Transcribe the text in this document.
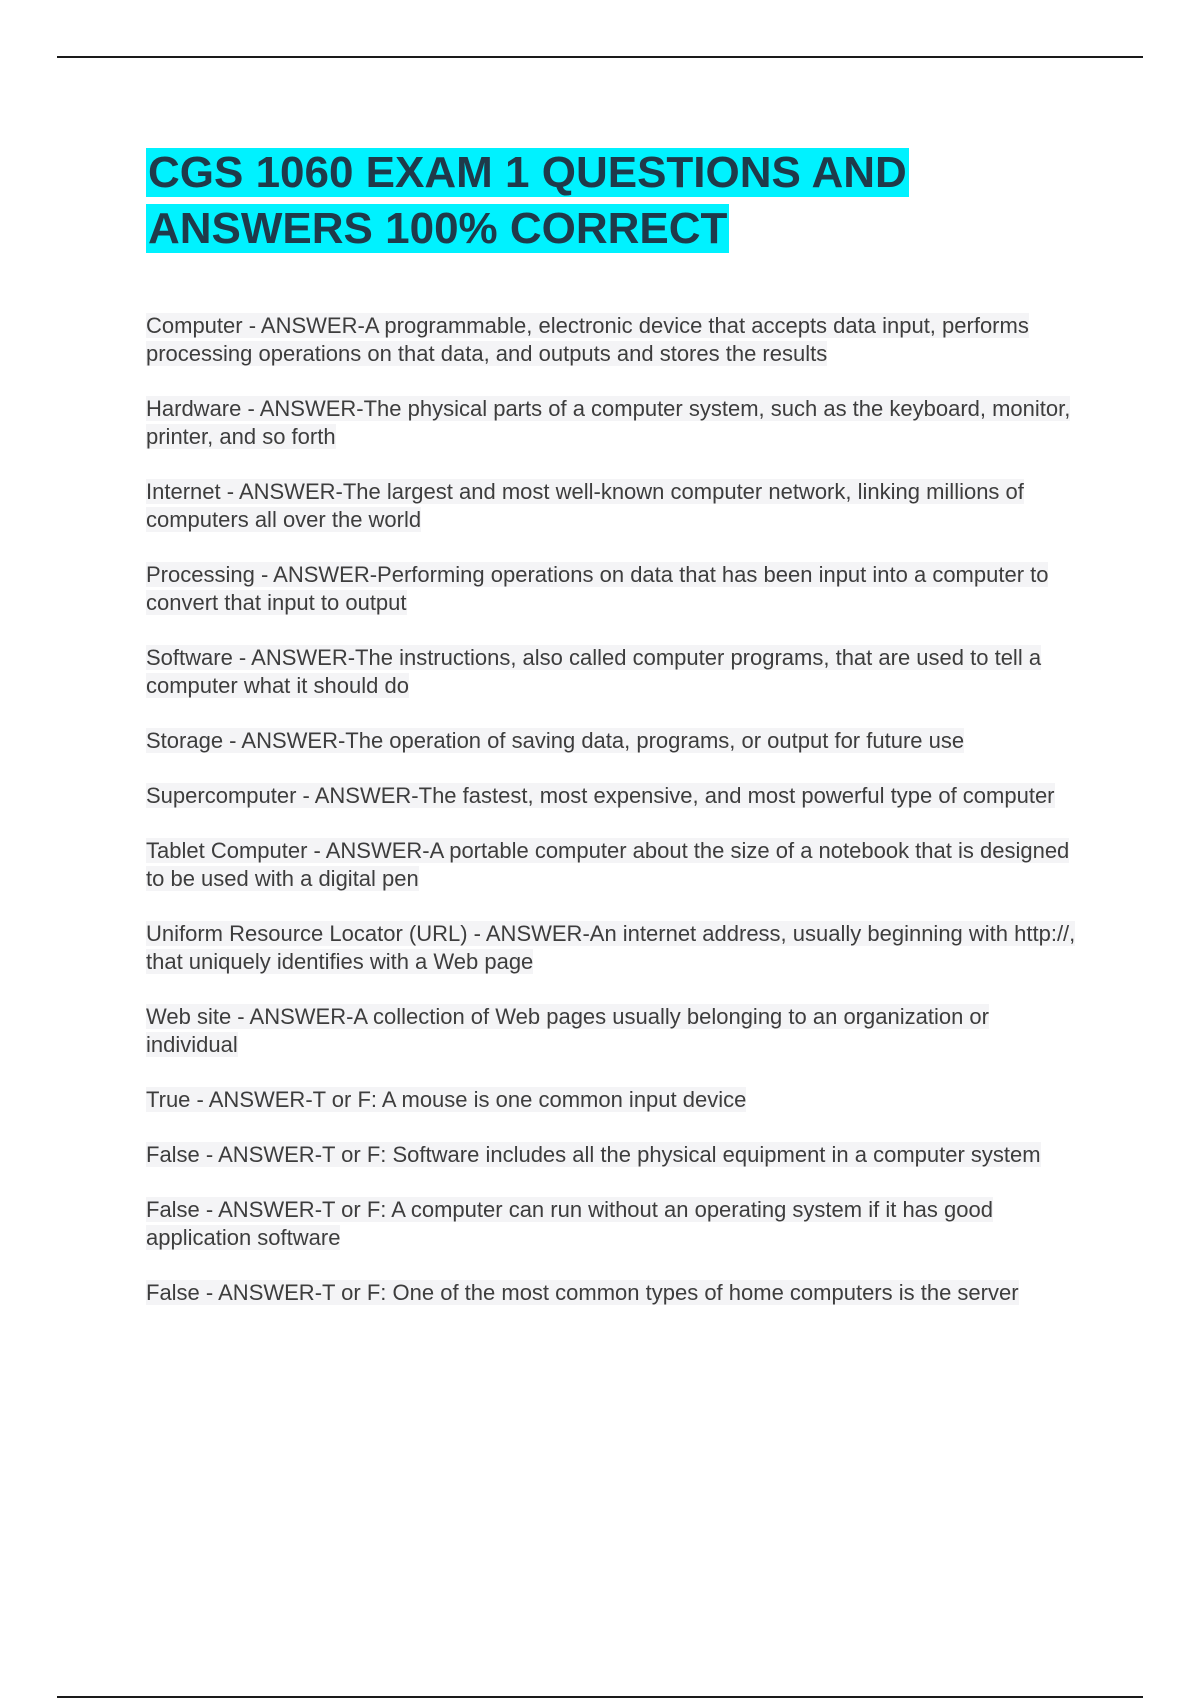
CGS 1060 EXAM 1 QUESTIONS AND ANSWERS 100% CORRECT
Computer - ANSWER-A programmable, electronic device that accepts data input, performs processing operations on that data, and outputs and stores the results
Hardware - ANSWER-The physical parts of a computer system, such as the keyboard, monitor, printer, and so forth
Internet - ANSWER-The largest and most well-known computer network, linking millions of computers all over the world
Processing - ANSWER-Performing operations on data that has been input into a computer to convert that input to output
Software - ANSWER-The instructions, also called computer programs, that are used to tell a computer what it should do
Storage - ANSWER-The operation of saving data, programs, or output for future use
Supercomputer - ANSWER-The fastest, most expensive, and most powerful type of computer
Tablet Computer - ANSWER-A portable computer about the size of a notebook that is designed to be used with a digital pen
Uniform Resource Locator (URL) - ANSWER-An internet address, usually beginning with http://, that uniquely identifies with a Web page
Web site - ANSWER-A collection of Web pages usually belonging to an organization or individual
True - ANSWER-T or F: A mouse is one common input device
False - ANSWER-T or F: Software includes all the physical equipment in a computer system
False - ANSWER-T or F: A computer can run without an operating system if it has good application software
False - ANSWER-T or F: One of the most common types of home computers is the server
